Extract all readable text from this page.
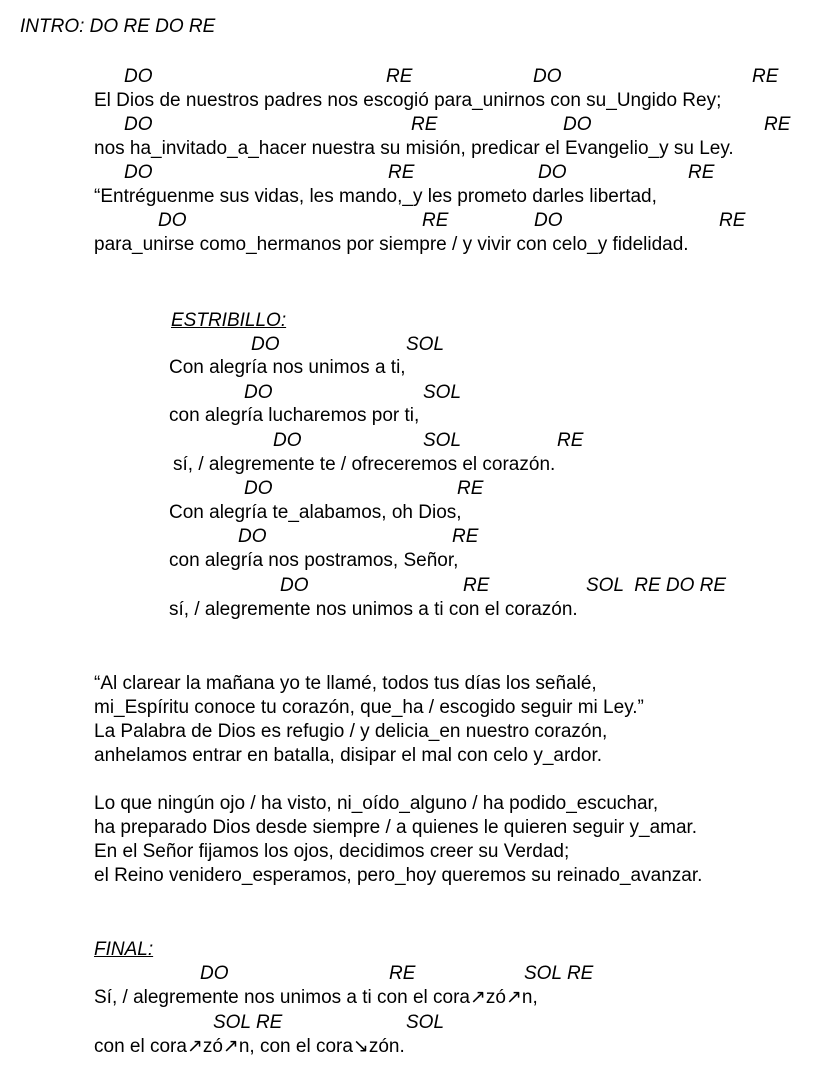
INTRO: DO RE DO RE
DO	RE	DO	RE
El Dios de nuestros padres nos escogió para_unirnos con su_Ungido Rey;
DO	RE	DO	RE
nos ha_invitado_a_hacer nuestra su misión, predicar el Evangelio_y su Ley.
DO	RE	DO	RE
“Entréguenme sus vidas, les mando,_y les prometo darles libertad,
DO	RE	DO	RE
para_unirse como_hermanos por siempre / y vivir con celo_y fidelidad.
ESTRIBILLO:
DO	SOL
Con alegría nos unimos a ti,
DO	SOL
con alegría lucharemos por ti,
DO	SOL	RE
sí, / alegremente te / ofreceremos el corazón.
DO	RE
Con alegría te_alabamos, oh Dios,
DO	RE
con alegría nos postramos, Señor,
DO	RE	SOL  RE DO RE
sí, / alegremente nos unimos a ti con el corazón.
“Al clarear la mañana yo te llamé, todos tus días los señalé,
mi_Espíritu conoce tu corazón, que_ha / escogido seguir mi Ley.”
La Palabra de Dios es refugio / y delicia_en nuestro corazón,
anhelamos entrar en batalla, disipar el mal con celo y_ardor.
Lo que ningún ojo / ha visto, ni_oído_alguno / ha podido_escuchar,
ha preparado Dios desde siempre / a quienes le quieren seguir y_amar.
En el Señor fijamos los ojos, decidimos creer su Verdad;
el Reino venidero_esperamos, pero_hoy queremos su reinado_avanzar.
FINAL:
DO	RE	SOL RE
Sí, / alegremente nos unimos a ti con el cora↗zó↗n,
SOL RE	SOL
con el cora↗zó↗n, con el cora↘zón.
